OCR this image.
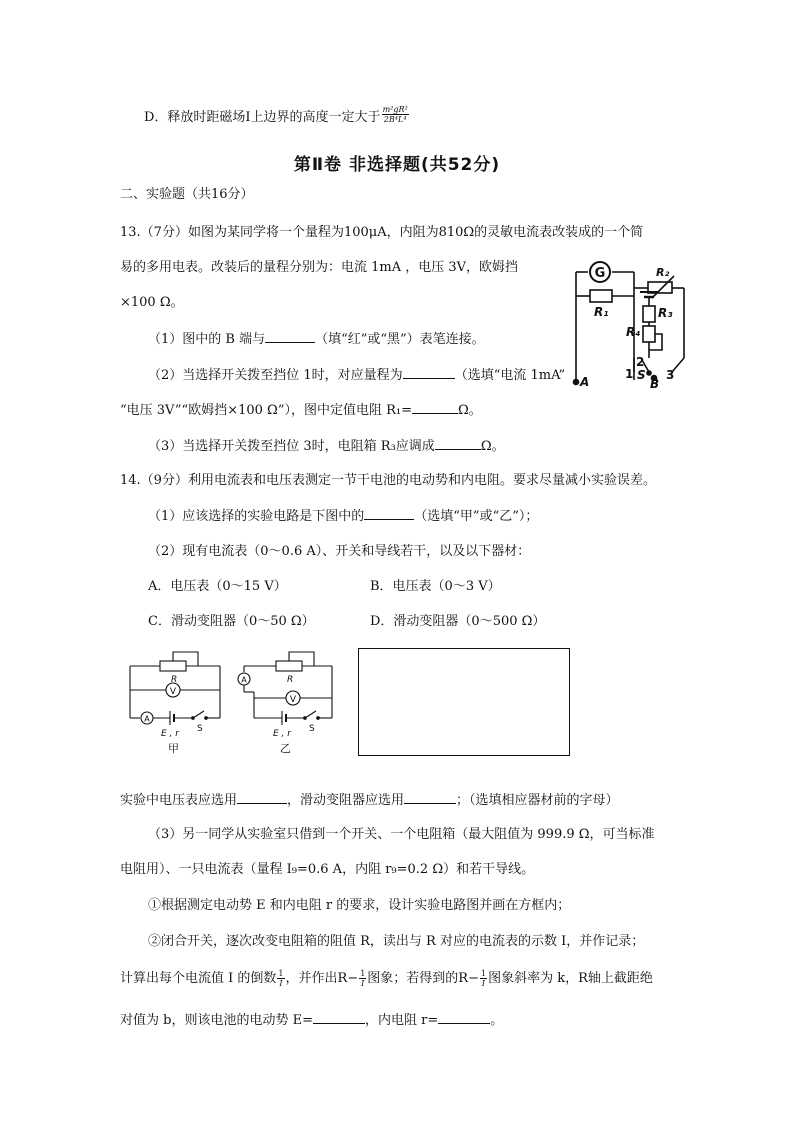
D．释放时距磁场Ⅰ上边界的高度一定大于 $\frac{\text{m²gR²}}{\text{2B⁴L⁴}}$
第Ⅱ卷 非选择题(共52分)
二、实验题（共16分）
13.（7分）如图为某同学将一个量程为100μA，内阻为810Ω的灵敏电流表改装成的一个简
易的多用电表。改装后的量程分别为：电流 1mA ，电压 3V，欧姆挡
×100 Ω。
（1）图中的 B 端与	（填“红”或“黑”）表笔连接。
（2）当选择开关拨至挡位 1时，对应量程为	（选填“电流 1mA”
“电压 3V”“欧姆挡×100 Ω”），图中定值电阻 R₁=	Ω。
（3）当选择开关拨至挡位 3时，电阻箱 R₃应调成	Ω。
G
R₁
R₂
R₃
R₄
A	B
S
1
2
3
14.（9分）利用电流表和电压表测定一节干电池的电动势和内电阻。要求尽量减小实验误差。
（1）应该选择的实验电路是下图中的	（选填“甲”或“乙”）；
（2）现有电流表（0～0.6 A）、开关和导线若干，以及以下器材：
A．电压表（0～15 V）	B．电压表（0～3 V）
C．滑动变阻器（0～50 Ω）	D．滑动变阻器（0～500 Ω）
R
V
A
E , r S
甲
A	R
V
E , r S
乙
实验中电压表应选用	，滑动变阻器应选用	；（选填相应器材前的字母）
（3）另一同学从实验室只借到一个开关、一个电阻箱（最大阻值为 999.9 Ω，可当标准
电阻用）、一只电流表（量程 I₉=0.6 A，内阻 r₉=0.2 Ω）和若干导线。
①根据测定电动势 E 和内电阻 r 的要求，设计实验电路图并画在方框内；
②闭合开关，逐次改变电阻箱的阻值 R，读出与 R 对应的电流表的示数 I，并作记录；
计算出每个电流值 I 的倒数 $\frac{1}{I}$ ，并作出$R- \frac{1}{I}$ 图象；若得到的$R- \frac{1}{I}$ 图象斜率为 k，R轴上截距绝
对值为 b，则该电池的电动势 E=	，内电阻 r=	。
